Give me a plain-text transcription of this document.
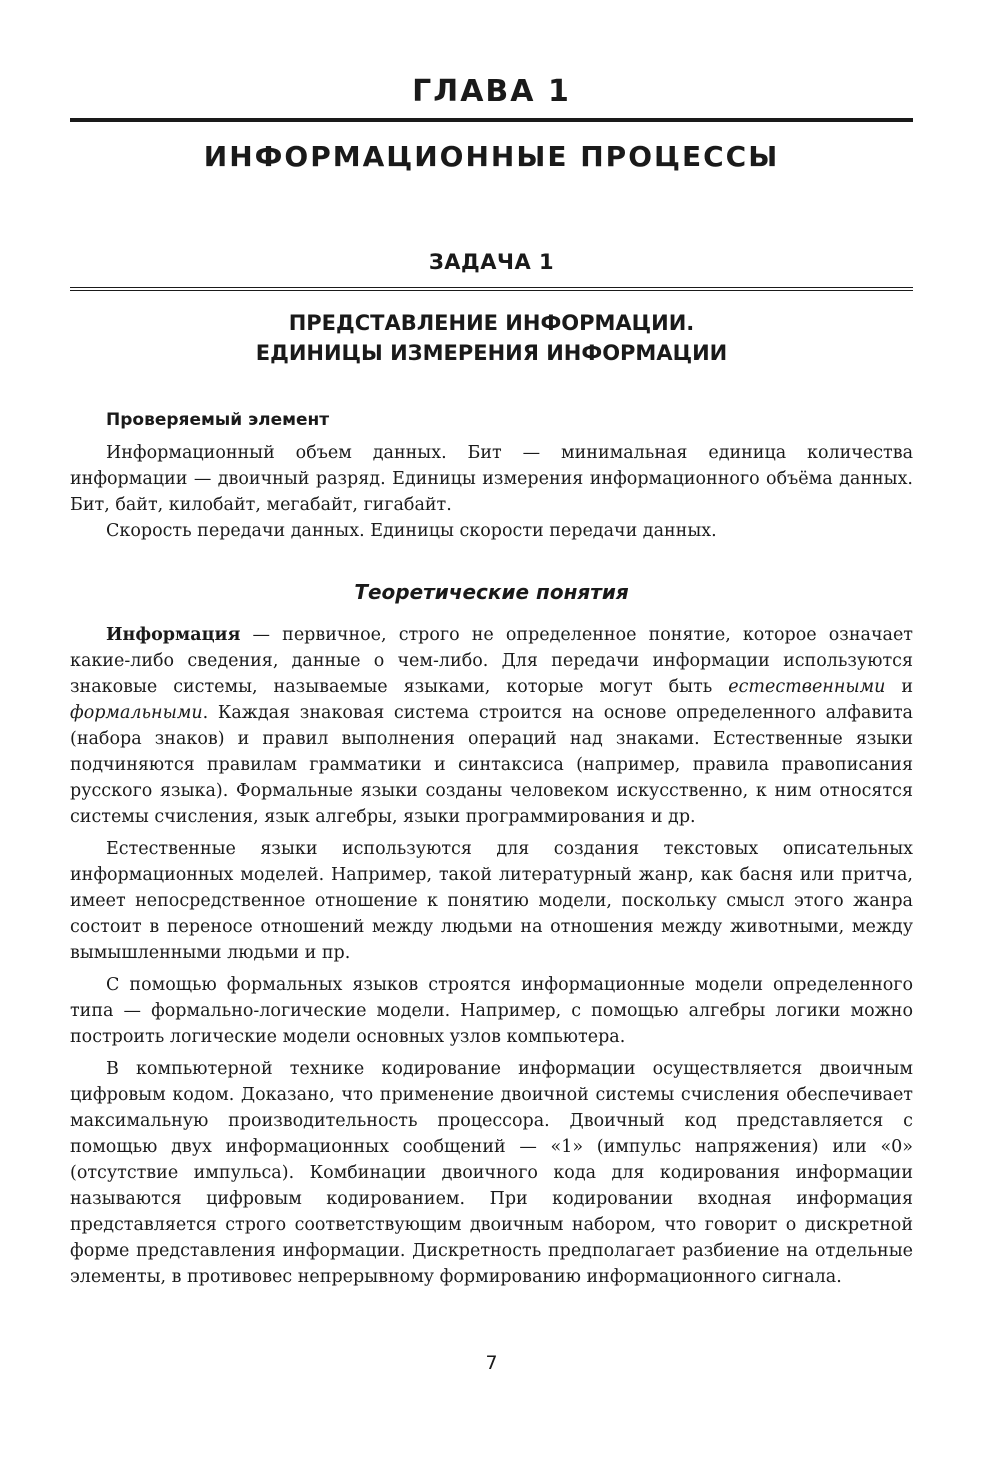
ГЛАВА 1
ИНФОРМАЦИОННЫЕ ПРОЦЕССЫ
ЗАДАЧА 1
ПРЕДСТАВЛЕНИЕ ИНФОРМАЦИИ.
ЕДИНИЦЫ ИЗМЕРЕНИЯ ИНФОРМАЦИИ
Проверяемый элемент

Информационный объем данных. Бит — минимальная единица количества информации — двоичный разряд. Единицы измерения информационного объёма данных. Бит, байт, килобайт, мегабайт, гигабайт.

Скорость передачи данных. Единицы скорости передачи данных.

Теоретические понятия

Информация — первичное, строго не определенное понятие, которое означает какие-либо сведения, данные о чем-либо. Для передачи информации используются знаковые системы, называемые языками, которые могут быть естественными и формальными. Каждая знаковая система строится на основе определенного алфавита (набора знаков) и правил выполнения операций над знаками. Естественные языки подчиняются правилам грамматики и синтаксиса (например, правила правописания русского языка). Формальные языки созданы человеком искусственно, к ним относятся системы счисления, язык алгебры, языки программирования и др.

Естественные языки используются для создания текстовых описательных информационных моделей. Например, такой литературный жанр, как басня или притча, имеет непосредственное отношение к понятию модели, поскольку смысл этого жанра состоит в переносе отношений между людьми на отношения между животными, между вымышленными людьми и пр.

С помощью формальных языков строятся информационные модели определенного типа — формально-логические модели. Например, с помощью алгебры логики можно построить логические модели основных узлов компьютера.

В компьютерной технике кодирование информации осуществляется двоичным цифровым кодом. Доказано, что применение двоичной системы счисления обеспечивает максимальную производительность процессора. Двоичный код представляется с помощью двух информационных сообщений — «1» (импульс напряжения) или «0» (отсутствие импульса). Комбинации двоичного кода для кодирования информации называются цифровым кодированием. При кодировании входная информация представляется строго соответствующим двоичным набором, что говорит о дискретной форме представления информации. Дискретность предполагает разбиение на отдельные элементы, в противовес непрерывному формированию информационного сигнала.

7
